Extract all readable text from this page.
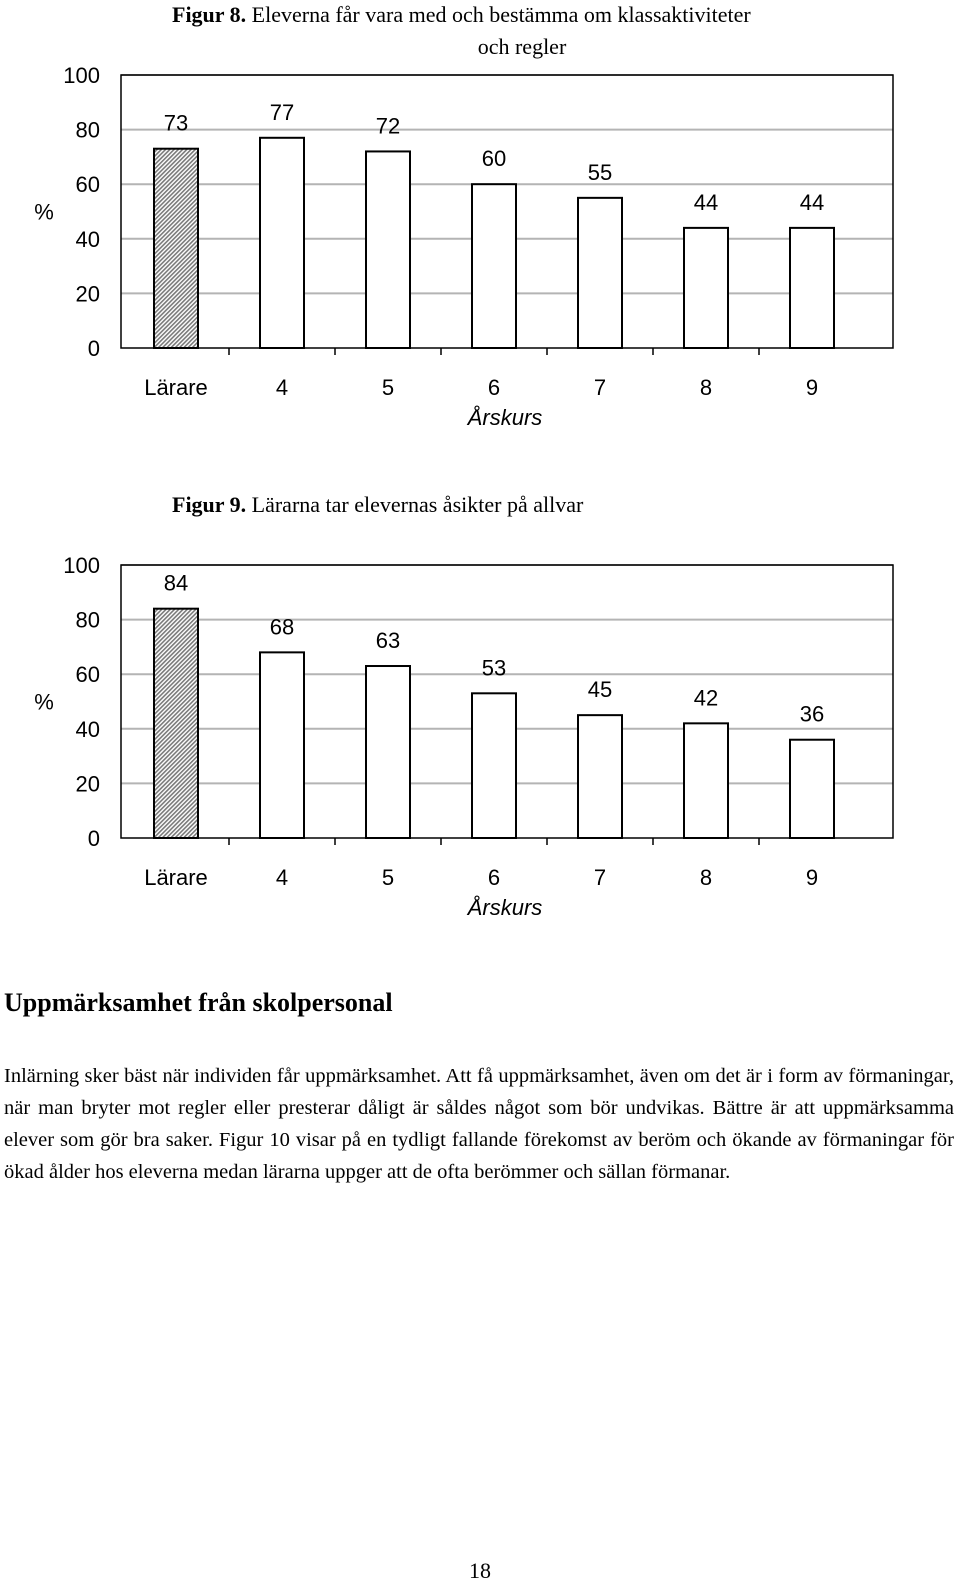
Figur 8. Eleverna får vara med och bestämma om klassaktiviteter
och regler
0
20
40
60
80
100
%
73
Lärare
77
4
72
5
60
6
55
7
44
8
44
9
Årskurs
Figur 9. Lärarna tar elevernas åsikter på allvar
0
20
40
60
80
100
%
84
Lärare
68
4
63
5
53
6
45
7
42
8
36
9
Årskurs
Uppmärksamhet från skolpersonal

Inlärning sker bäst när individen får uppmärksamhet. Att få uppmärksamhet, även om det är i form av förmaningar, när man bryter mot regler eller presterar dåligt är såldes något som bör undvikas. Bättre är att uppmärksamma elever som gör bra saker. Figur 10 visar på en tydligt fallande förekomst av beröm och ökande av förmaningar för ökad ålder hos eleverna medan lärarna uppger att de ofta berömmer och sällan förmanar.

18
